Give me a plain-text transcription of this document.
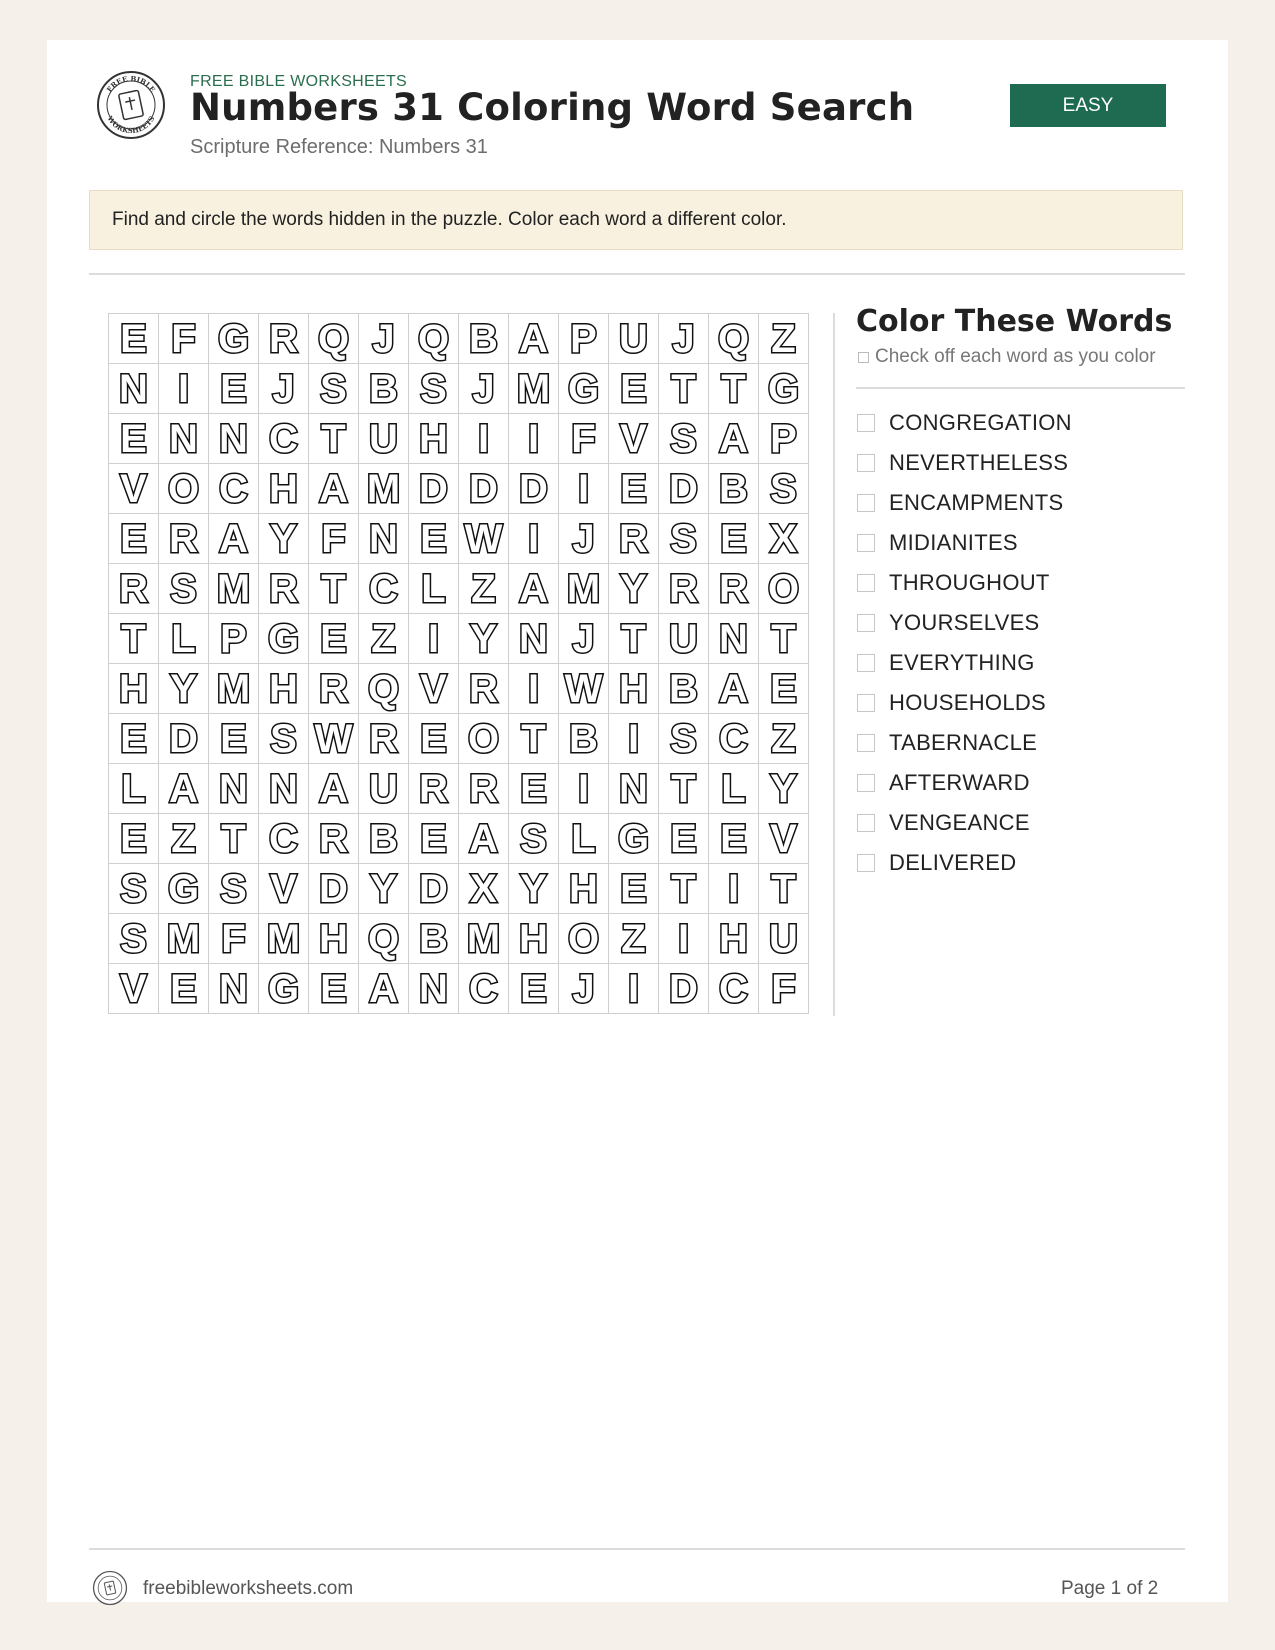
FREE BIBLE
WORKSHEETS
FREE BIBLE WORKSHEETS
Numbers 31 Coloring Word Search
Scripture Reference: Numbers 31
EASY
Find and circle the words hidden in the puzzle. Color each word a different color.
E F G R Q J Q B A P U J Q Z
N I E J S B S J M G E T T G
E N N C T U H I I F V S A P
V O C H A M D D D I E D B S
E R A Y F N E W I J R S E X
R S M R T C L Z A M Y R R O
T L P G E Z I Y N J T U N T
H Y M H R Q V R I W H B A E
E D E S W R E O T B I S C Z
L A N N A U R R E I N T L Y
E Z T C R B E A S L G E E V
S G S V D Y D X Y H E T I T
S M F M H Q B M H O Z I H U
V E N G E A N C E J I D C F
Color These Words
Check off each word as you color
CONGREGATION
NEVERTHELESS
ENCAMPMENTS
MIDIANITES
THROUGHOUT
YOURSELVES
EVERYTHING
HOUSEHOLDS
TABERNACLE
AFTERWARD
VENGEANCE
DELIVERED
freebibleworksheets.com	Page 1 of 2
